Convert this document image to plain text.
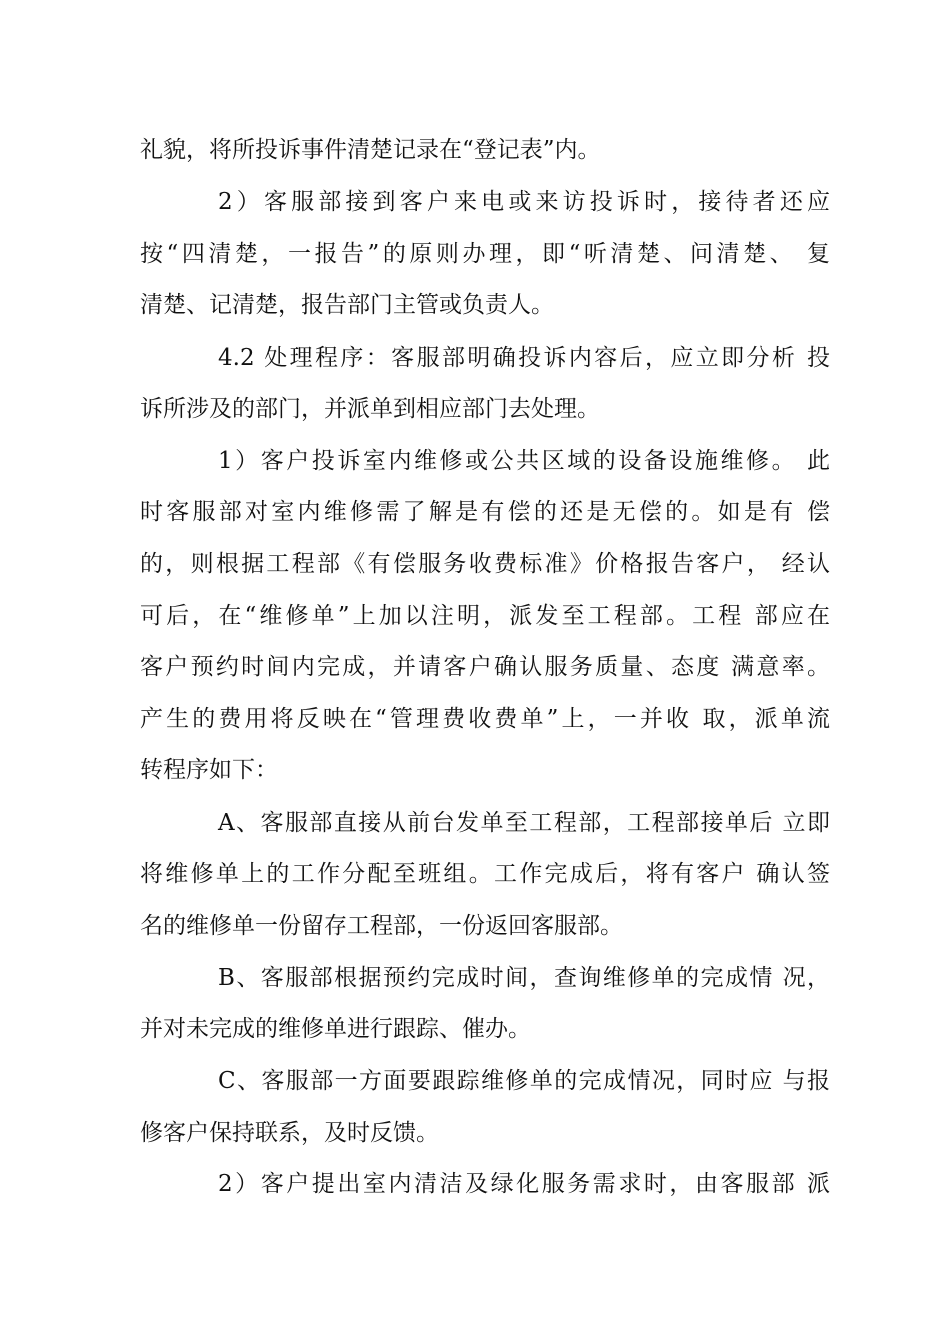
礼貌，将所投诉事件清楚记录在“登记表”内。
2）客服部接到客户来电或来访投诉时，接待者还应
按“四清楚，一报告”的原则办理，即“听清楚、问清楚、 复
清楚、记清楚，报告部门主管或负责人。
4.2 处理程序：客服部明确投诉内容后，应立即分析 投
诉所涉及的部门，并派单到相应部门去处理。
1）客户投诉室内维修或公共区域的设备设施维修。 此
时客服部对室内维修需了解是有偿的还是无偿的。如是有 偿
的，则根据工程部《有偿服务收费标准》价格报告客户， 经认
可后，在“维修单”上加以注明，派发至工程部。工程 部应在
客户预约时间内完成，并请客户确认服务质量、态度 满意率。
产生的费用将反映在“管理费收费单”上，一并收 取，派单流
转程序如下：
A、客服部直接从前台发单至工程部，工程部接单后 立即
将维修单上的工作分配至班组。工作完成后，将有客户 确认签
名的维修单一份留存工程部，一份返回客服部。
B、客服部根据预约完成时间，查询维修单的完成情 况，
并对未完成的维修单进行跟踪、催办。
C、客服部一方面要跟踪维修单的完成情况，同时应 与报
修客户保持联系，及时反馈。
2）客户提出室内清洁及绿化服务需求时，由客服部 派
